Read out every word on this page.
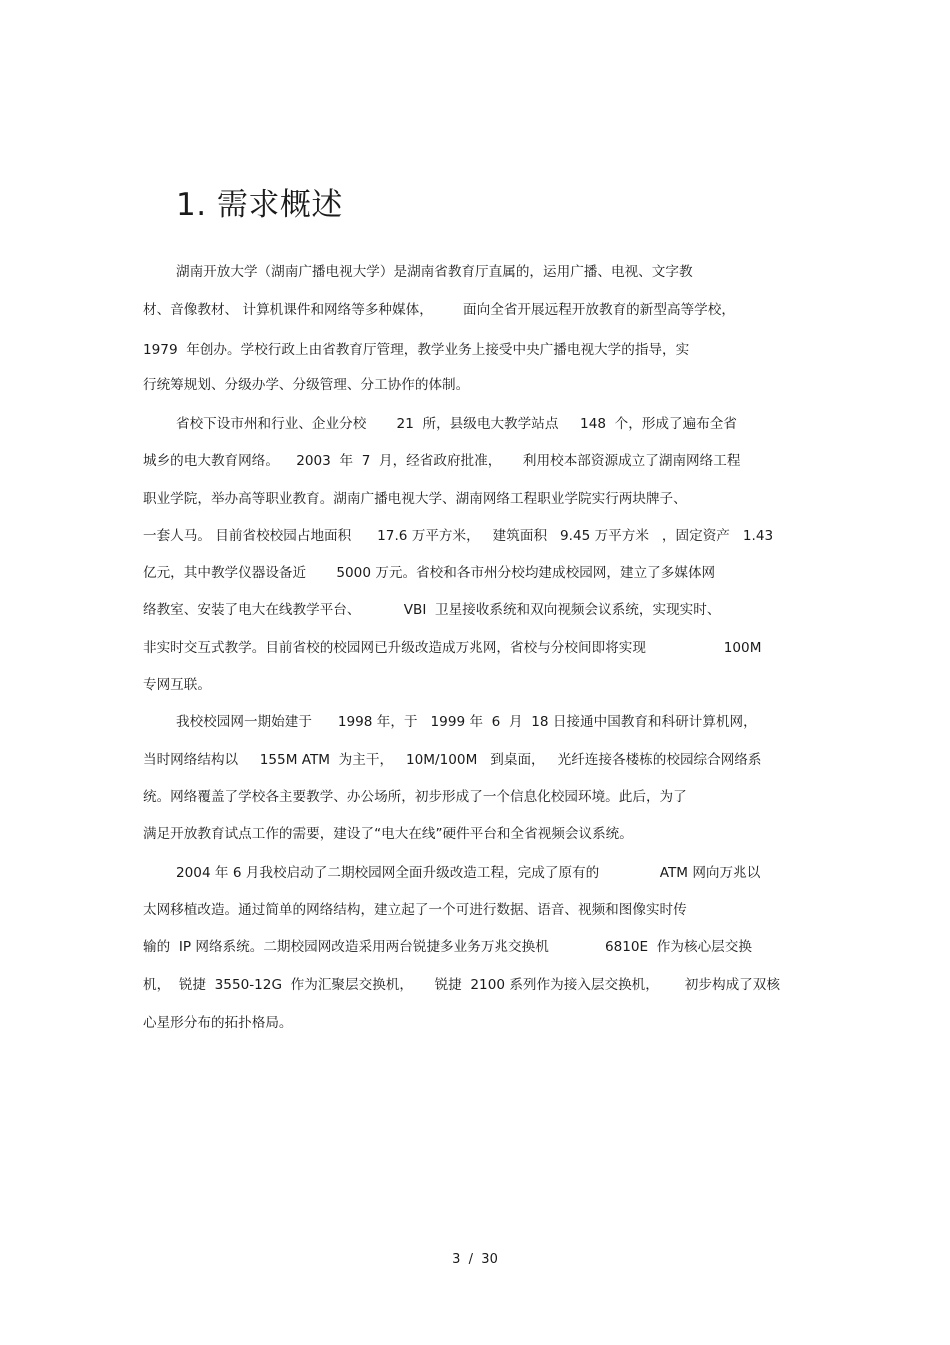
1. 需求概述

湖南开放大学（湖南广播电视大学）是湖南省教育厅直属的，运用广播、电视、文字教

材、音像教材、 计算机课件和网络等多种媒体，       面向全省开展远程开放教育的新型高等学校，

1979  年创办。学校行政上由省教育厅管理，教学业务上接受中央广播电视大学的指导，实

行统筹规划、分级办学、分级管理、分工协作的体制。

省校下设市州和行业、企业分校       21  所，县级电大教学站点     148  个，形成了遍布全省

城乡的电大教育网络。    2003  年  7  月，经省政府批准，     利用校本部资源成立了湖南网络工程

职业学院，举办高等职业教育。湖南广播电视大学、湖南网络工程职业学院实行两块牌子、

一套人马。 目前省校校园占地面积      17.6 万平方米，   建筑面积   9.45 万平方米   ，固定资产   1.43

亿元，其中教学仪器设备近       5000 万元。省校和各市州分校均建成校园网，建立了多媒体网

络教室、安装了电大在线教学平台、          VBI  卫星接收系统和双向视频会议系统，实现实时、

非实时交互式教学。目前省校的校园网已升级改造成万兆网，省校与分校间即将实现                  100M

专网互联。

我校校园网一期始建于      1998 年，于   1999 年  6  月  18 日接通中国教育和科研计算机网，

当时网络结构以     155M ATM  为主干，   10M/100M   到桌面，   光纤连接各楼栋的校园综合网络系

统。网络覆盖了学校各主要教学、办公场所，初步形成了一个信息化校园环境。此后，为了

满足开放教育试点工作的需要，建设了“电大在线”硬件平台和全省视频会议系统。

2004 年 6 月我校启动了二期校园网全面升级改造工程，完成了原有的              ATM 网向万兆以

太网移植改造。通过简单的网络结构，建立起了一个可进行数据、语音、视频和图像实时传

输的  IP 网络系统。二期校园网改造采用两台锐捷多业务万兆交换机             6810E  作为核心层交换

机，  锐捷  3550-12G  作为汇聚层交换机，     锐捷  2100 系列作为接入层交换机，      初步构成了双核

心星形分布的拓扑格局。

3  /  30
